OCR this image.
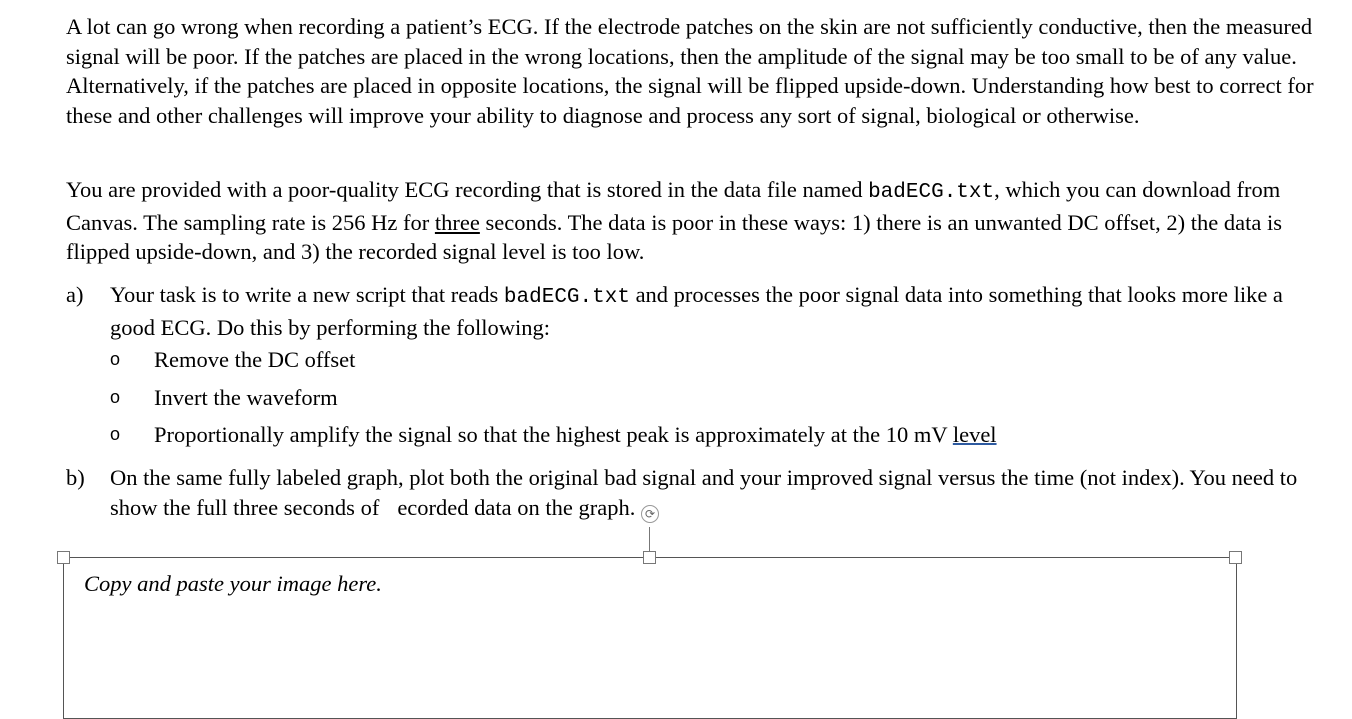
A lot can go wrong when recording a patient’s ECG. If the electrode patches on the skin are not sufficiently conductive, then the measured signal will be poor. If the patches are placed in the wrong locations, then the amplitude of the signal may be too small to be of any value. Alternatively, if the patches are placed in opposite locations, the signal will be flipped upside-down. Understanding how best to correct for these and other challenges will improve your ability to diagnose and process any sort of signal, biological or otherwise.

You are provided with a poor-quality ECG recording that is stored in the data file named badECG.txt, which you can download from Canvas. The sampling rate is 256 Hz for three seconds. The data is poor in these ways: 1) there is an unwanted DC offset, 2) the data is flipped upside-down, and 3) the recorded signal level is too low.

a) Your task is to write a new script that reads badECG.txt and processes the poor signal data into something that looks more like a good ECG. Do this by performing the following:
o Remove the DC offset
o Invert the waveform
o Proportionally amplify the signal so that the highest peak is approximately at the 10 mV level
b) On the same fully labeled graph, plot both the original bad signal and your improved signal versus the time (not index). You need to show the full three seconds of ecorded data on the graph.
Copy and paste your image here.
⟳
